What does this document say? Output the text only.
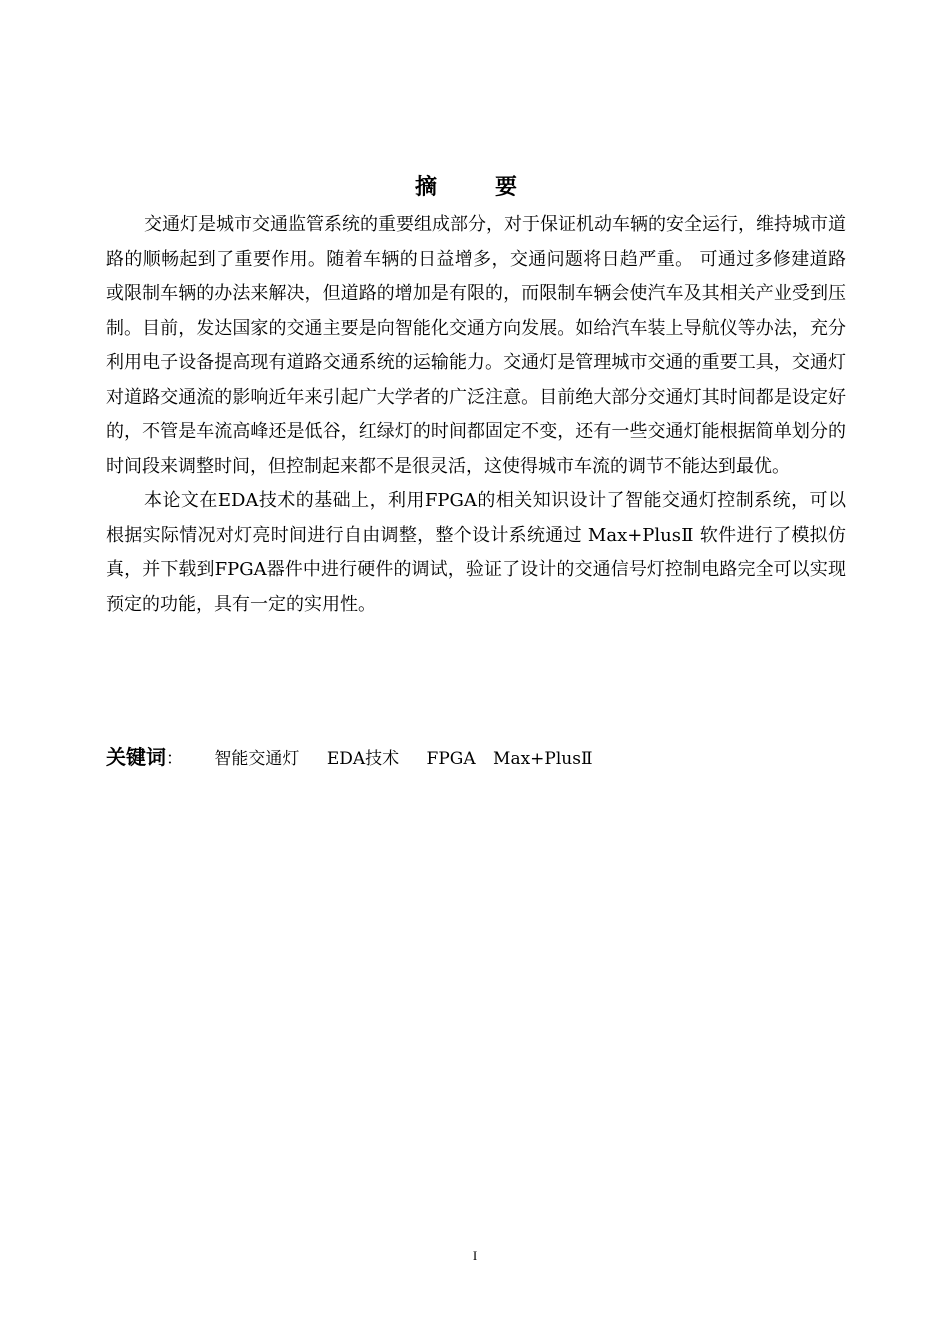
摘　要

交通灯是城市交通监管系统的重要组成部分，对于保证机动车辆的安全运行，维持城市道路的顺畅起到了重要作用。随着车辆的日益增多，交通问题将日趋严重。 可通过多修建道路或限制车辆的办法来解决，但道路的增加是有限的，而限制车辆会使汽车及其相关产业受到压制。目前，发达国家的交通主要是向智能化交通方向发展。如给汽车装上导航仪等办法，充分利用电子设备提高现有道路交通系统的运输能力。交通灯是管理城市交通的重要工具，交通灯对道路交通流的影响近年来引起广大学者的广泛注意。目前绝大部分交通灯其时间都是设定好的，不管是车流高峰还是低谷，红绿灯的时间都固定不变，还有一些交通灯能根据简单划分的时间段来调整时间，但控制起来都不是很灵活，这使得城市车流的调节不能达到最优。

本论文在EDA技术的基础上，利用FPGA的相关知识设计了智能交通灯控制系统，可以根据实际情况对灯亮时间进行自由调整，整个设计系统通过 Max+PlusⅡ 软件进行了模拟仿真，并下载到FPGA器件中进行硬件的调试，验证了设计的交通信号灯控制电路完全可以实现预定的功能，具有一定的实用性。

关键词： 智能交通灯 EDA技术 FPGA Max+PlusⅡ
I
